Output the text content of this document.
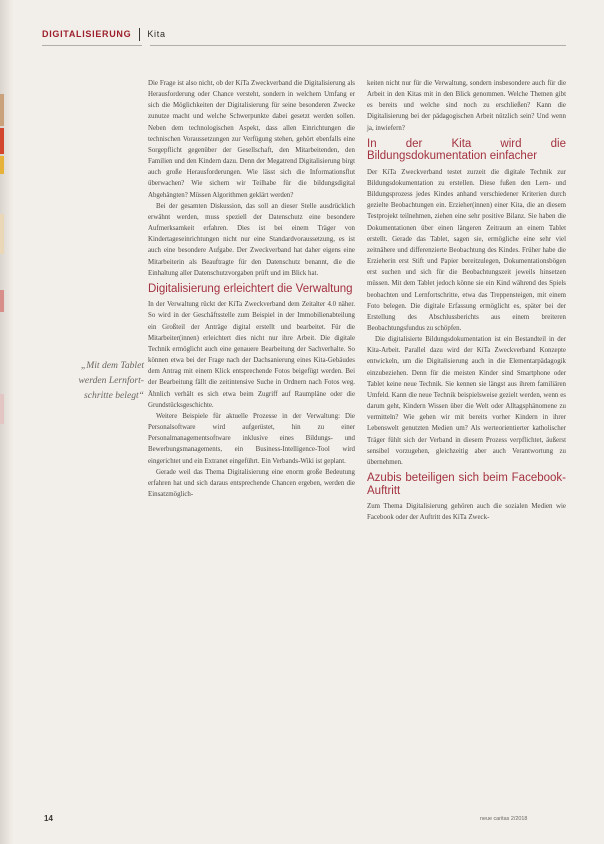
DIGITALISIERUNG Kita
„Mit dem Tablet werden Lernfort-schritte belegt“

Die Frage ist also nicht, ob der KiTa Zweckverband die Digitalisierung als Herausforderung oder Chance versteht, sondern in welchem Umfang er sich die Möglichkeiten der Digitalisierung für seine besonderen Zwecke zunutze macht und welche Schwerpunkte dabei gesetzt werden sollen. Neben dem technologischen Aspekt, dass allen Einrichtungen die technischen Voraussetzungen zur Verfügung stehen, gehört ebenfalls eine Sorgepflicht gegenüber der Gesellschaft, den Mitarbeitenden, den Familien und den Kindern dazu. Denn der Megatrend Digitalisierung birgt auch große Herausforderungen. Wie lässt sich die Informationsflut überwachen? Wie sichern wir Teilhabe für die bildungsdigital Abgehängten? Müssen Algorithmen geklärt werden?

Bei der gesamten Diskussion, das soll an dieser Stelle ausdrücklich erwähnt werden, muss speziell der Datenschutz eine besondere Aufmerksamkeit erfahren. Dies ist bei einem Träger von Kindertageseinrichtungen nicht nur eine Standardvoraussetzung, es ist auch eine besondere Aufgabe. Der Zweckverband hat daher eigens eine Mitarbeiterin als Beauftragte für den Datenschutz benannt, die die Einhaltung aller Datenschutzvorgaben prüft und im Blick hat.

Digitalisierung erleichtert die Verwaltung

In der Verwaltung rückt der KiTa Zweckverband dem Zeitalter 4.0 näher. So wird in der Geschäftsstelle zum Beispiel in der Immobilienabteilung ein Großteil der Anträge digital erstellt und bearbeitet. Für die Mitarbeiter(innen) erleichtert dies nicht nur ihre Arbeit. Die digitale Technik ermöglicht auch eine genauere Bearbeitung der Sachverhalte. So können etwa bei der Frage nach der Dachsanierung eines Kita-Gebäudes dem Antrag mit einem Klick entsprechende Fotos beigefügt werden. Bei der Bearbeitung fällt die zeitintensive Suche in Ordnern nach Fotos weg. Ähnlich verhält es sich etwa beim Zugriff auf Raumpläne oder die Grundstücksgeschichte.

Weitere Beispiele für aktuelle Prozesse in der Verwaltung: Die Personalsoftware wird aufgerüstet, hin zu einer Personalmanagementsoftware inklusive eines Bildungs- und Bewerbungsmanagements, ein Business-Intelligence-Tool wird eingerichtet und ein Extranet eingeführt. Ein Verbands-Wiki ist geplant.

Gerade weil das Thema Digitalisierung eine enorm große Bedeutung erfahren hat und sich daraus entsprechende Chancen ergeben, werden die Einsatzmöglich-

keiten nicht nur für die Verwaltung, sondern insbesondere auch für die Arbeit in den Kitas mit in den Blick genommen. Welche Themen gibt es bereits und welche sind noch zu erschließen? Kann die Digitalisierung bei der pädagogischen Arbeit nützlich sein? Und wenn ja, inwiefern?

In der Kita wird die Bildungsdokumentation einfacher

Der KiTa Zweckverband testet zurzeit die digitale Technik zur Bildungsdokumentation zu erstellen. Diese fußen den Lern- und Bildungsprozess jedes Kindes anhand verschiedener Kriterien durch gezielte Beobachtungen ein. Erzieher(innen) einer Kita, die an diesem Testprojekt teilnehmen, ziehen eine sehr positive Bilanz. Sie haben die Dokumentationen über einen längeren Zeitraum an einem Tablet erstellt. Gerade das Tablet, sagen sie, ermögliche eine sehr viel zeitnähere und differenzierte Beobachtung des Kindes. Früher habe die Erzieherin erst Stift und Papier bereitzulegen, Dokumentationsbögen erst suchen und sich für die Beobachtungszeit jeweils hinsetzen müssen. Mit dem Tablet jedoch könne sie ein Kind während des Spiels beobachten und Lernfortschritte, etwa das Treppensteigen, mit einem Foto belegen. Die digitale Erfassung ermöglicht es, später bei der Erstellung des Abschlussberichts aus einem breiteren Beobachtungsfundus zu schöpfen.

Die digitalisierte Bildungsdokumentation ist ein Bestandteil in der Kita-Arbeit. Parallel dazu wird der KiTa Zweckverband Konzepte entwickeln, um die Digitalisierung auch in die Elementarpädagogik einzubeziehen. Denn für die meisten Kinder sind Smartphone oder Tablet keine neue Technik. Sie kennen sie längst aus ihrem familiären Umfeld. Kann die neue Technik beispielsweise gezielt werden, wenn es darum geht, Kindern Wissen über die Welt oder Alltagsphänomene zu vermitteln? Wie gehen wir mit bereits vorher Kindern in ihrer Lebenswelt genutzten Medien um? Als werteorientierter katholischer Träger fühlt sich der Verband in diesem Prozess verpflichtet, äußerst sensibel vorzugehen, gleichzeitig aber auch Verantwortung zu übernehmen.

Azubis beteiligen sich beim Facebook-Auftritt

Zum Thema Digitalisierung gehören auch die sozialen Medien wie Facebook oder der Auftritt des KiTa Zweck-

14	neue caritas 2/2018
